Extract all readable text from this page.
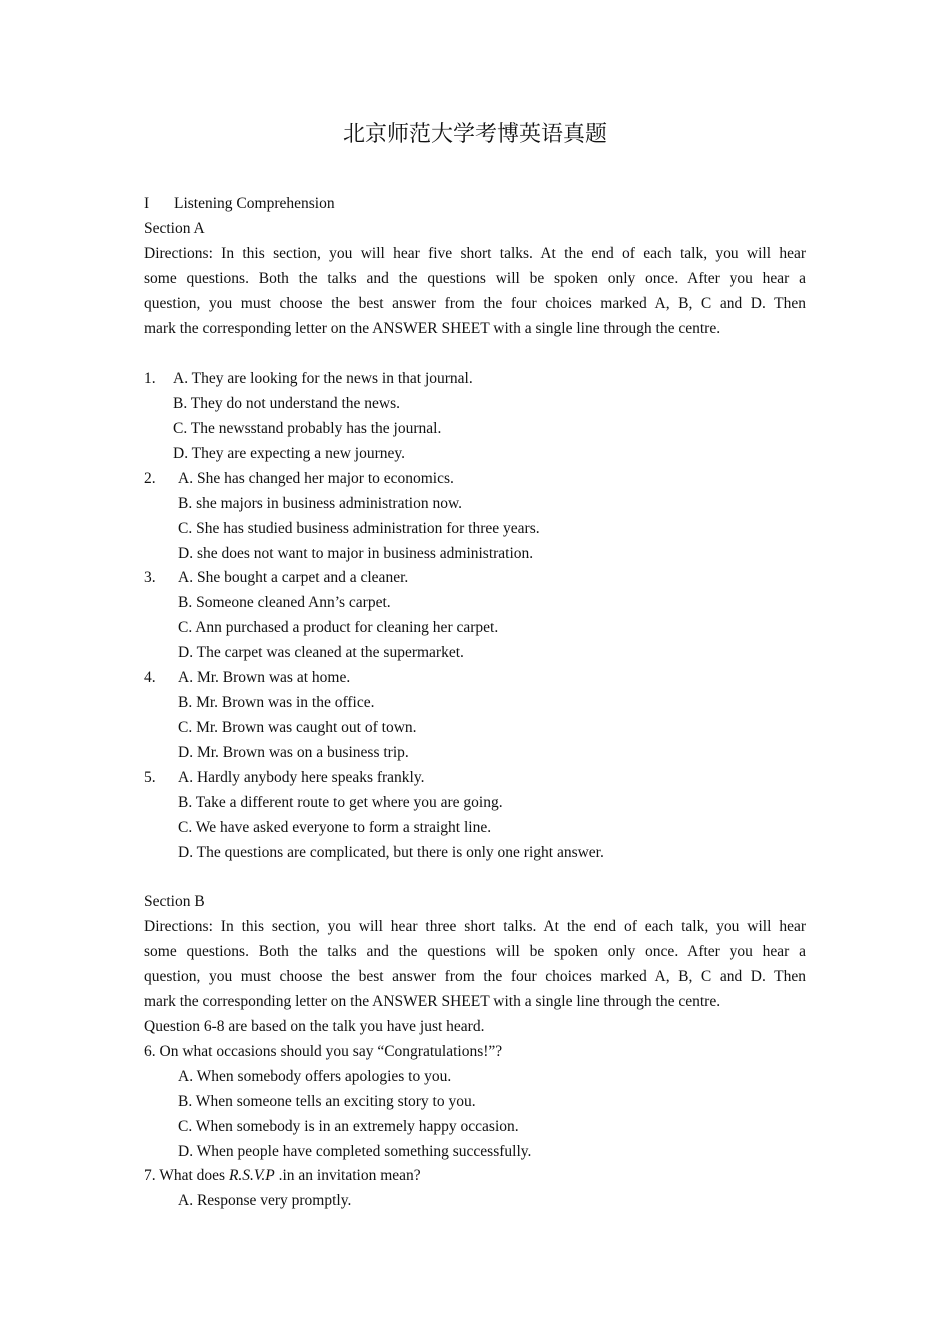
北京师范大学考博英语真题
I Listening Comprehension
Section A
Directions: In this section, you will hear five short talks. At the end of each talk, you will hear
some questions. Both the talks and the questions will be spoken only once. After you hear a
question, you must choose the best answer from the four choices marked A, B, C and D. Then
mark the corresponding letter on the ANSWER SHEET with a single line through the centre.
1. A. They are looking for the news in that journal.
B. They do not understand the news.
C. The newsstand probably has the journal.
D. They are expecting a new journey.
2. A. She has changed her major to economics.
B. she majors in business administration now.
C. She has studied business administration for three years.
D. she does not want to major in business administration.
3. A. She bought a carpet and a cleaner.
B. Someone cleaned Ann’s carpet.
C. Ann purchased a product for cleaning her carpet.
D. The carpet was cleaned at the supermarket.
4. A. Mr. Brown was at home.
B. Mr. Brown was in the office.
C. Mr. Brown was caught out of town.
D. Mr. Brown was on a business trip.
5. A. Hardly anybody here speaks frankly.
B. Take a different route to get where you are going.
C. We have asked everyone to form a straight line.
D. The questions are complicated, but there is only one right answer.
Section B
Directions: In this section, you will hear three short talks. At the end of each talk, you will hear
some questions. Both the talks and the questions will be spoken only once. After you hear a
question, you must choose the best answer from the four choices marked A, B, C and D. Then
mark the corresponding letter on the ANSWER SHEET with a single line through the centre.
Question 6-8 are based on the talk you have just heard.
6. On what occasions should you say “Congratulations!”?
A. When somebody offers apologies to you.
B. When someone tells an exciting story to you.
C. When somebody is in an extremely happy occasion.
D. When people have completed something successfully.
7. What does R.S.V.P .in an invitation mean?
A. Response very promptly.
